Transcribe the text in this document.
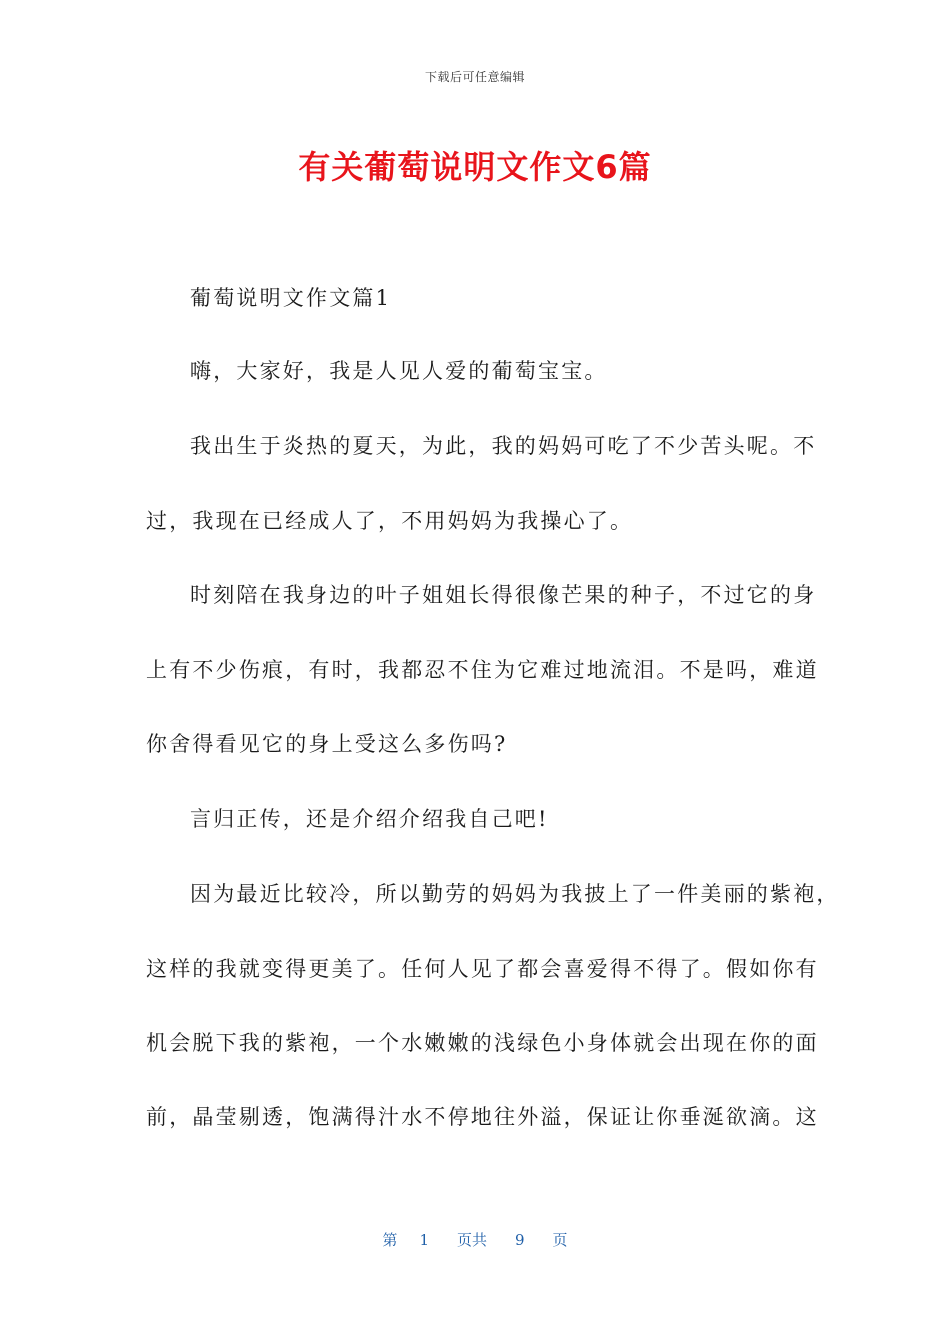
下载后可任意编辑
有关葡萄说明文作文6篇
葡萄说明文作文篇1
嗨，大家好，我是人见人爱的葡萄宝宝。
我出生于炎热的夏天，为此，我的妈妈可吃了不少苦头呢。不
过，我现在已经成人了，不用妈妈为我操心了。
时刻陪在我身边的叶子姐姐长得很像芒果的种子，不过它的身
上有不少伤痕，有时，我都忍不住为它难过地流泪。不是吗，难道
你舍得看见它的身上受这么多伤吗?
言归正传，还是介绍介绍我自己吧!
因为最近比较冷，所以勤劳的妈妈为我披上了一件美丽的紫袍，
这样的我就变得更美了。任何人见了都会喜爱得不得了。假如你有
机会脱下我的紫袍，一个水嫩嫩的浅绿色小身体就会出现在你的面
前，晶莹剔透，饱满得汁水不停地往外溢，保证让你垂涎欲滴。这
第 1 页共 9 页
